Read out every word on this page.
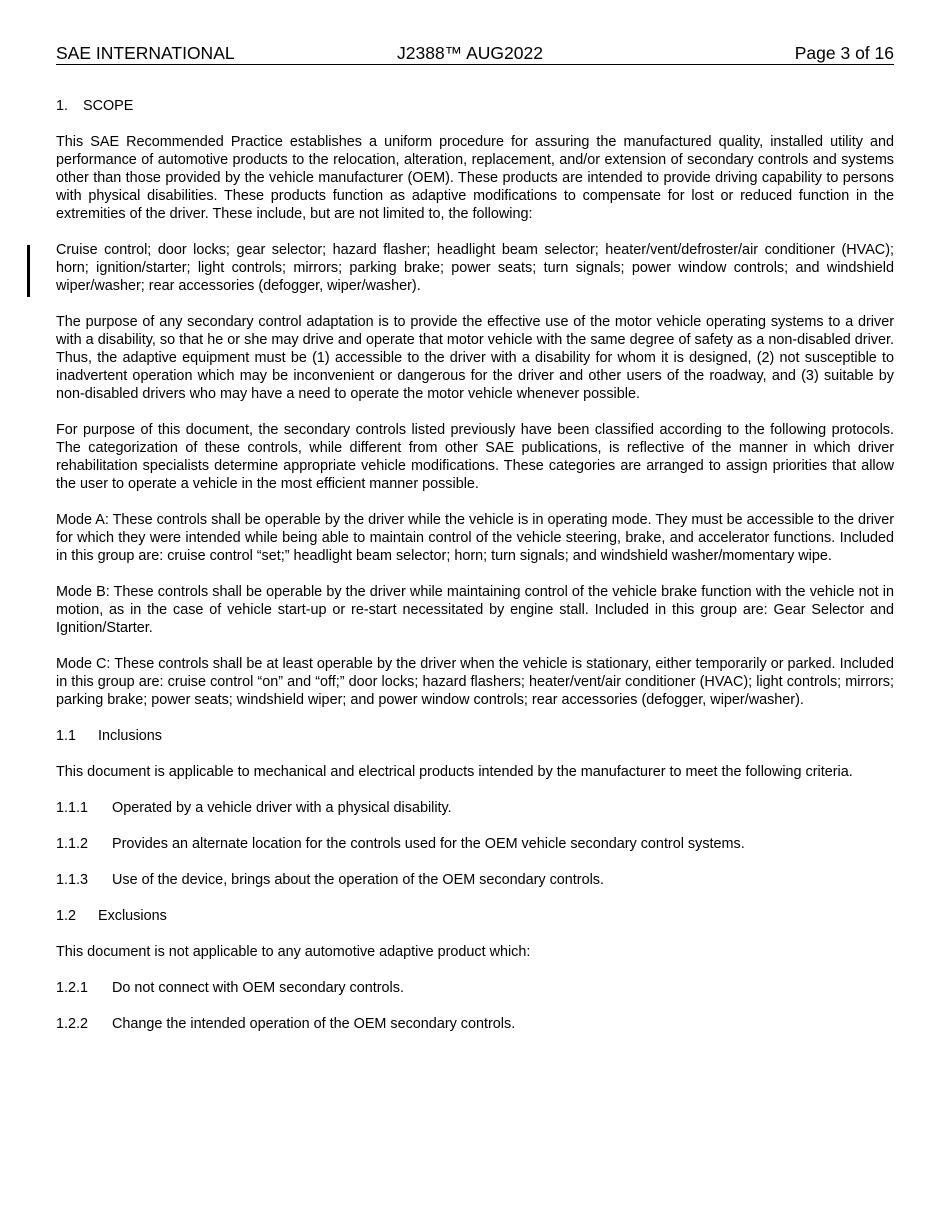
SAE INTERNATIONAL	J2388™ AUG2022	Page 3 of 16
1. SCOPE

This SAE Recommended Practice establishes a uniform procedure for assuring the manufactured quality, installed utility and performance of automotive products to the relocation, alteration, replacement, and/or extension of secondary controls and systems other than those provided by the vehicle manufacturer (OEM). These products are intended to provide driving capability to persons with physical disabilities. These products function as adaptive modifications to compensate for lost or reduced function in the extremities of the driver. These include, but are not limited to, the following:

Cruise control; door locks; gear selector; hazard flasher; headlight beam selector; heater/vent/defroster/air conditioner (HVAC); horn; ignition/starter; light controls; mirrors; parking brake; power seats; turn signals; power window controls; and windshield wiper/washer; rear accessories (defogger, wiper/washer).

The purpose of any secondary control adaptation is to provide the effective use of the motor vehicle operating systems to a driver with a disability, so that he or she may drive and operate that motor vehicle with the same degree of safety as a non-disabled driver. Thus, the adaptive equipment must be (1) accessible to the driver with a disability for whom it is designed, (2) not susceptible to inadvertent operation which may be inconvenient or dangerous for the driver and other users of the roadway, and (3) suitable by non-disabled drivers who may have a need to operate the motor vehicle whenever possible.

For purpose of this document, the secondary controls listed previously have been classified according to the following protocols. The categorization of these controls, while different from other SAE publications, is reflective of the manner in which driver rehabilitation specialists determine appropriate vehicle modifications. These categories are arranged to assign priorities that allow the user to operate a vehicle in the most efficient manner possible.

Mode A: These controls shall be operable by the driver while the vehicle is in operating mode. They must be accessible to the driver for which they were intended while being able to maintain control of the vehicle steering, brake, and accelerator functions. Included in this group are: cruise control “set;” headlight beam selector; horn; turn signals; and windshield washer/momentary wipe.

Mode B: These controls shall be operable by the driver while maintaining control of the vehicle brake function with the vehicle not in motion, as in the case of vehicle start-up or re-start necessitated by engine stall. Included in this group are: Gear Selector and Ignition/Starter.

Mode C: These controls shall be at least operable by the driver when the vehicle is stationary, either temporarily or parked. Included in this group are: cruise control “on” and “off;” door locks; hazard flashers; heater/vent/air conditioner (HVAC); light controls; mirrors; parking brake; power seats; windshield wiper; and power window controls; rear accessories (defogger, wiper/washer).

1.1 Inclusions

This document is applicable to mechanical and electrical products intended by the manufacturer to meet the following criteria.

1.1.1 Operated by a vehicle driver with a physical disability.
1.1.2 Provides an alternate location for the controls used for the OEM vehicle secondary control systems.
1.1.3 Use of the device, brings about the operation of the OEM secondary controls.
1.2 Exclusions

This document is not applicable to any automotive adaptive product which:

1.2.1 Do not connect with OEM secondary controls.
1.2.2 Change the intended operation of the OEM secondary controls.
